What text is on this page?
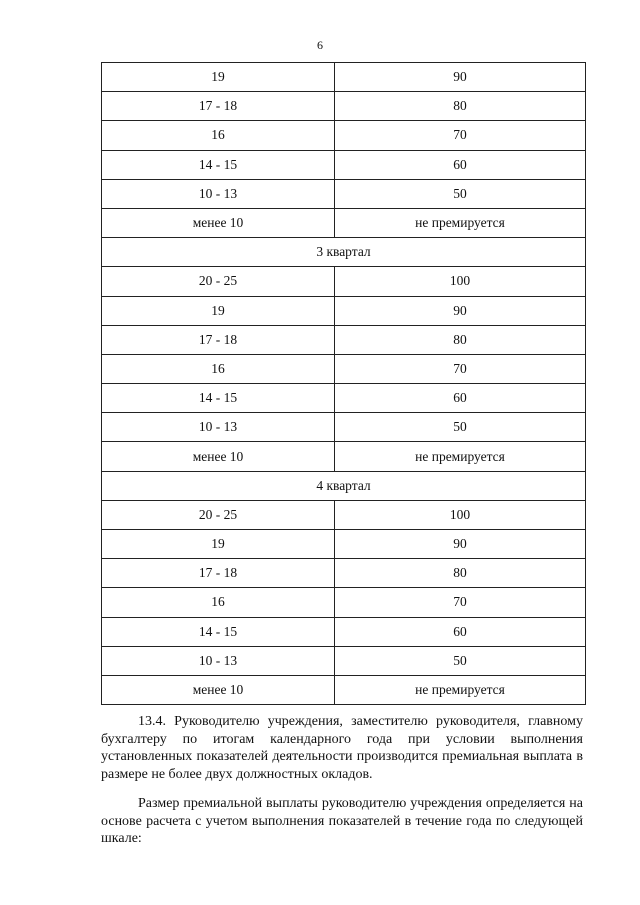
6
19	90
17 - 18	80
16	70
14 - 15	60
10 - 13	50
менее 10	не премируется
3 квартал	
20 - 25	100
19	90
17 - 18	80
16	70
14 - 15	60
10 - 13	50
менее 10	не премируется
4 квартал	
20 - 25	100
19	90
17 - 18	80
16	70
14 - 15	60
10 - 13	50
менее 10	не премируется

13.4. Руководителю учреждения, заместителю руководителя, главному бухгалтеру по итогам календарного года при условии выполнения установленных показателей деятельности производится премиальная выплата в размере не более двух должностных окладов.

Размер премиальной выплаты руководителю учреждения определяется на основе расчета с учетом выполнения показателей в течение года по следующей шкале:
